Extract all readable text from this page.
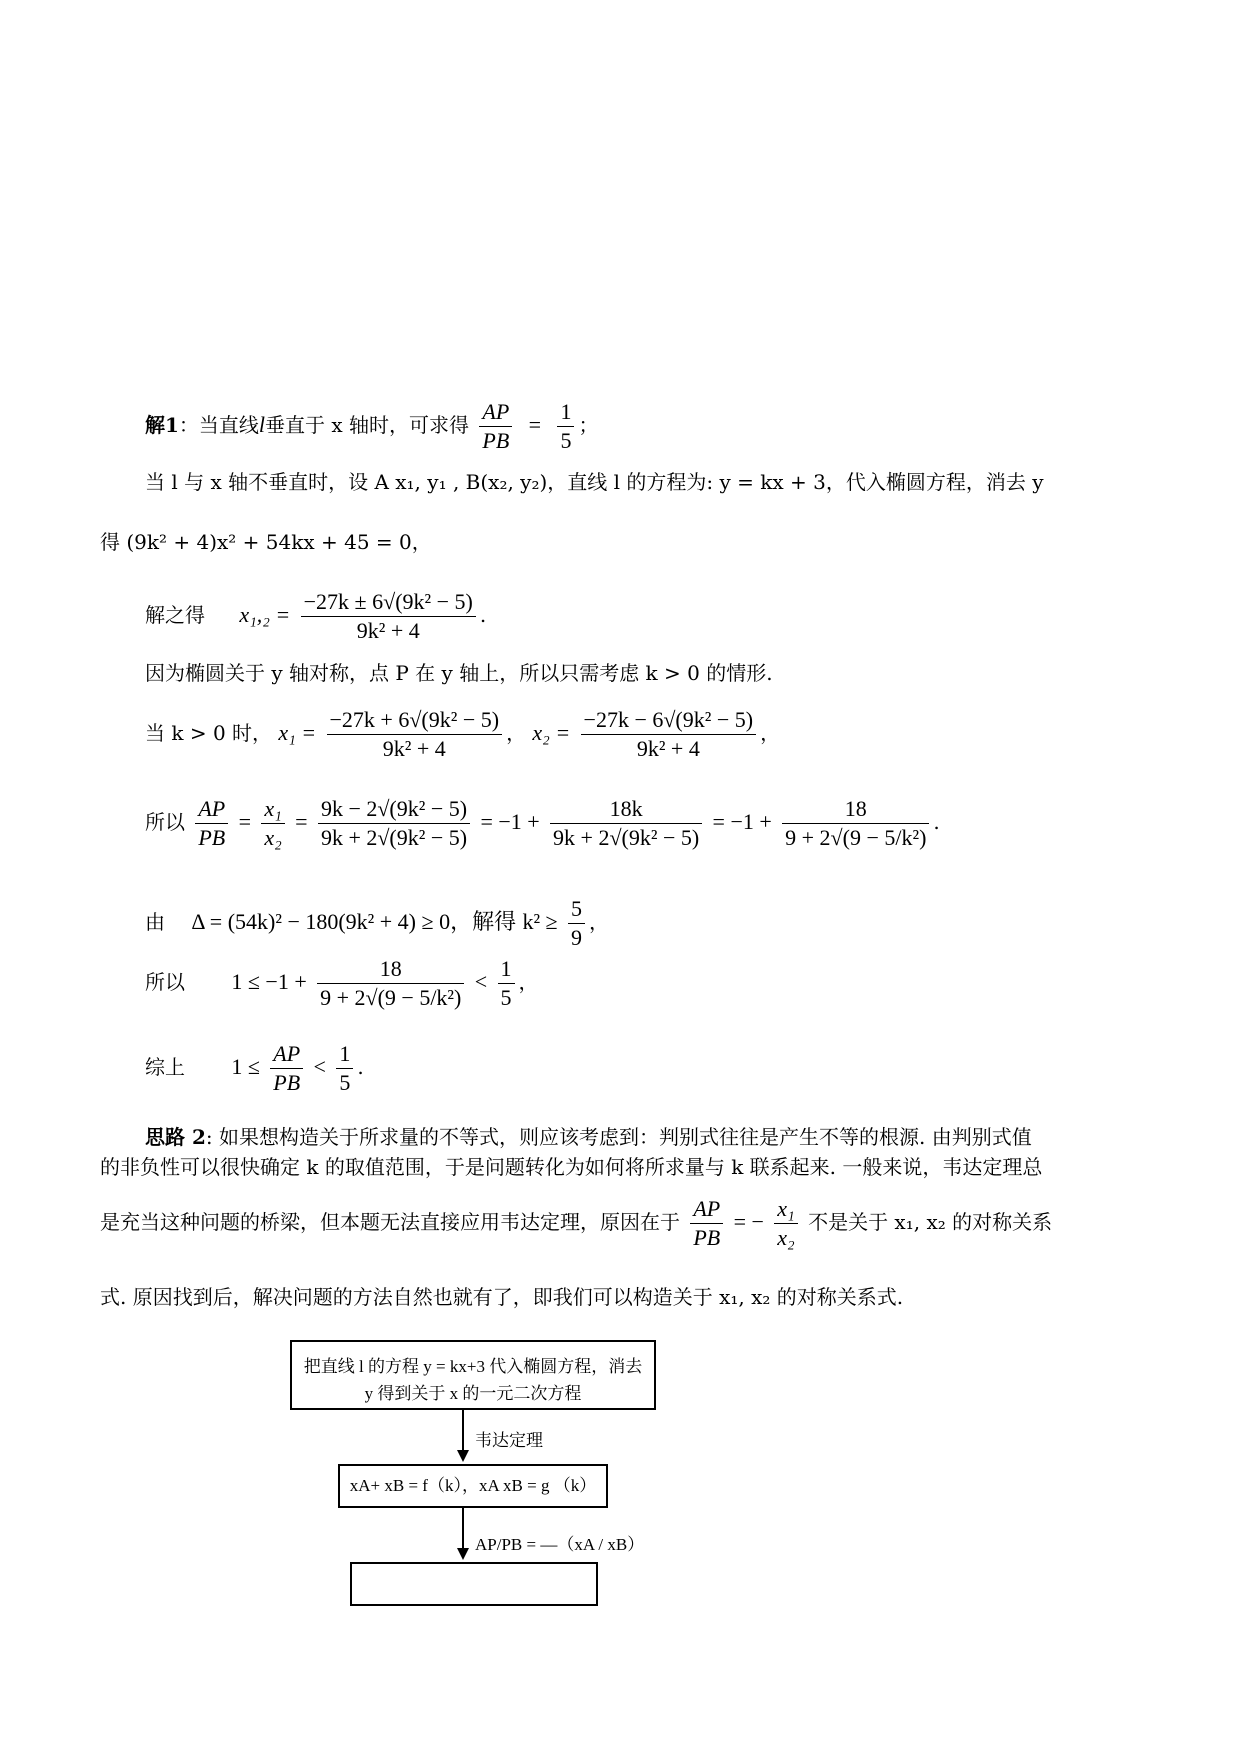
解1：当直线l垂直于 x 轴时，可求得 $\frac{AP}{PB} = \frac{1}{5}$ ；
当 l 与 x 轴不垂直时，设 A x₁, y₁ , B(x₂, y₂)，直线 l 的方程为: y = kx + 3，代入椭圆方程，消去 y
得 (9k² + 4)x² + 54kx + 45 = 0，
解之得 $x_1,_2 = \frac{\text{−27k ± 6√(9k² − 5)}}{\text{9k² + 4}}$ .
因为椭圆关于 y 轴对称，点 P 在 y 轴上，所以只需考虑 k > 0 的情形.
当 k > 0 时， $x_1 = \frac{\text{−27k + 6√(9k² − 5)}}{\text{9k² + 4}}$ ， $x_2 = \frac{\text{−27k − 6√(9k² − 5)}}{\text{9k² + 4}}$ ，
所以 $\frac{AP}{PB} = \frac{\text{x₁}}{\text{x₂}} = \frac{\text{9k − 2√(9k² − 5)}}{\text{9k + 2√(9k² − 5)}} = -1 + \frac{18k}{\text{9k + 2√(9k² − 5)}} = -1 + \frac{18}{\text{9 + 2√(9 − 5/k²)}}$ .
由 Δ = (54k)² − 180(9k² + 4) ≥ 0，解得 $k^2 \ge \frac{5}{9}$ ，
所以 $1 \le -1 + \frac{18}{\text{9 + 2√(9 − 5/k²)}} < \frac{1}{5}$ ，
综上 $1 \le \frac{AP}{PB} < \frac{1}{5}$ .
思路 2: 如果想构造关于所求量的不等式，则应该考虑到：判别式往往是产生不等的根源. 由判别式值
的非负性可以很快确定 k 的取值范围，于是问题转化为如何将所求量与 k 联系起来. 一般来说，韦达定理总
是充当这种问题的桥梁，但本题无法直接应用韦达定理，原因在于 $\frac{AP}{PB}$ = − $\frac{\text{x₁}}{\text{x₂}}$ 不是关于 x₁, x₂ 的对称关系
式. 原因找到后，解决问题的方法自然也就有了，即我们可以构造关于 x₁, x₂ 的对称关系式.
把直线 l 的方程 y = kx+3 代入椭圆方程，消去
y 得到关于 x 的一元二次方程
韦达定理
xA+ xB = f（k），xA xB = g （k）
AP/PB = —（xA / xB）
